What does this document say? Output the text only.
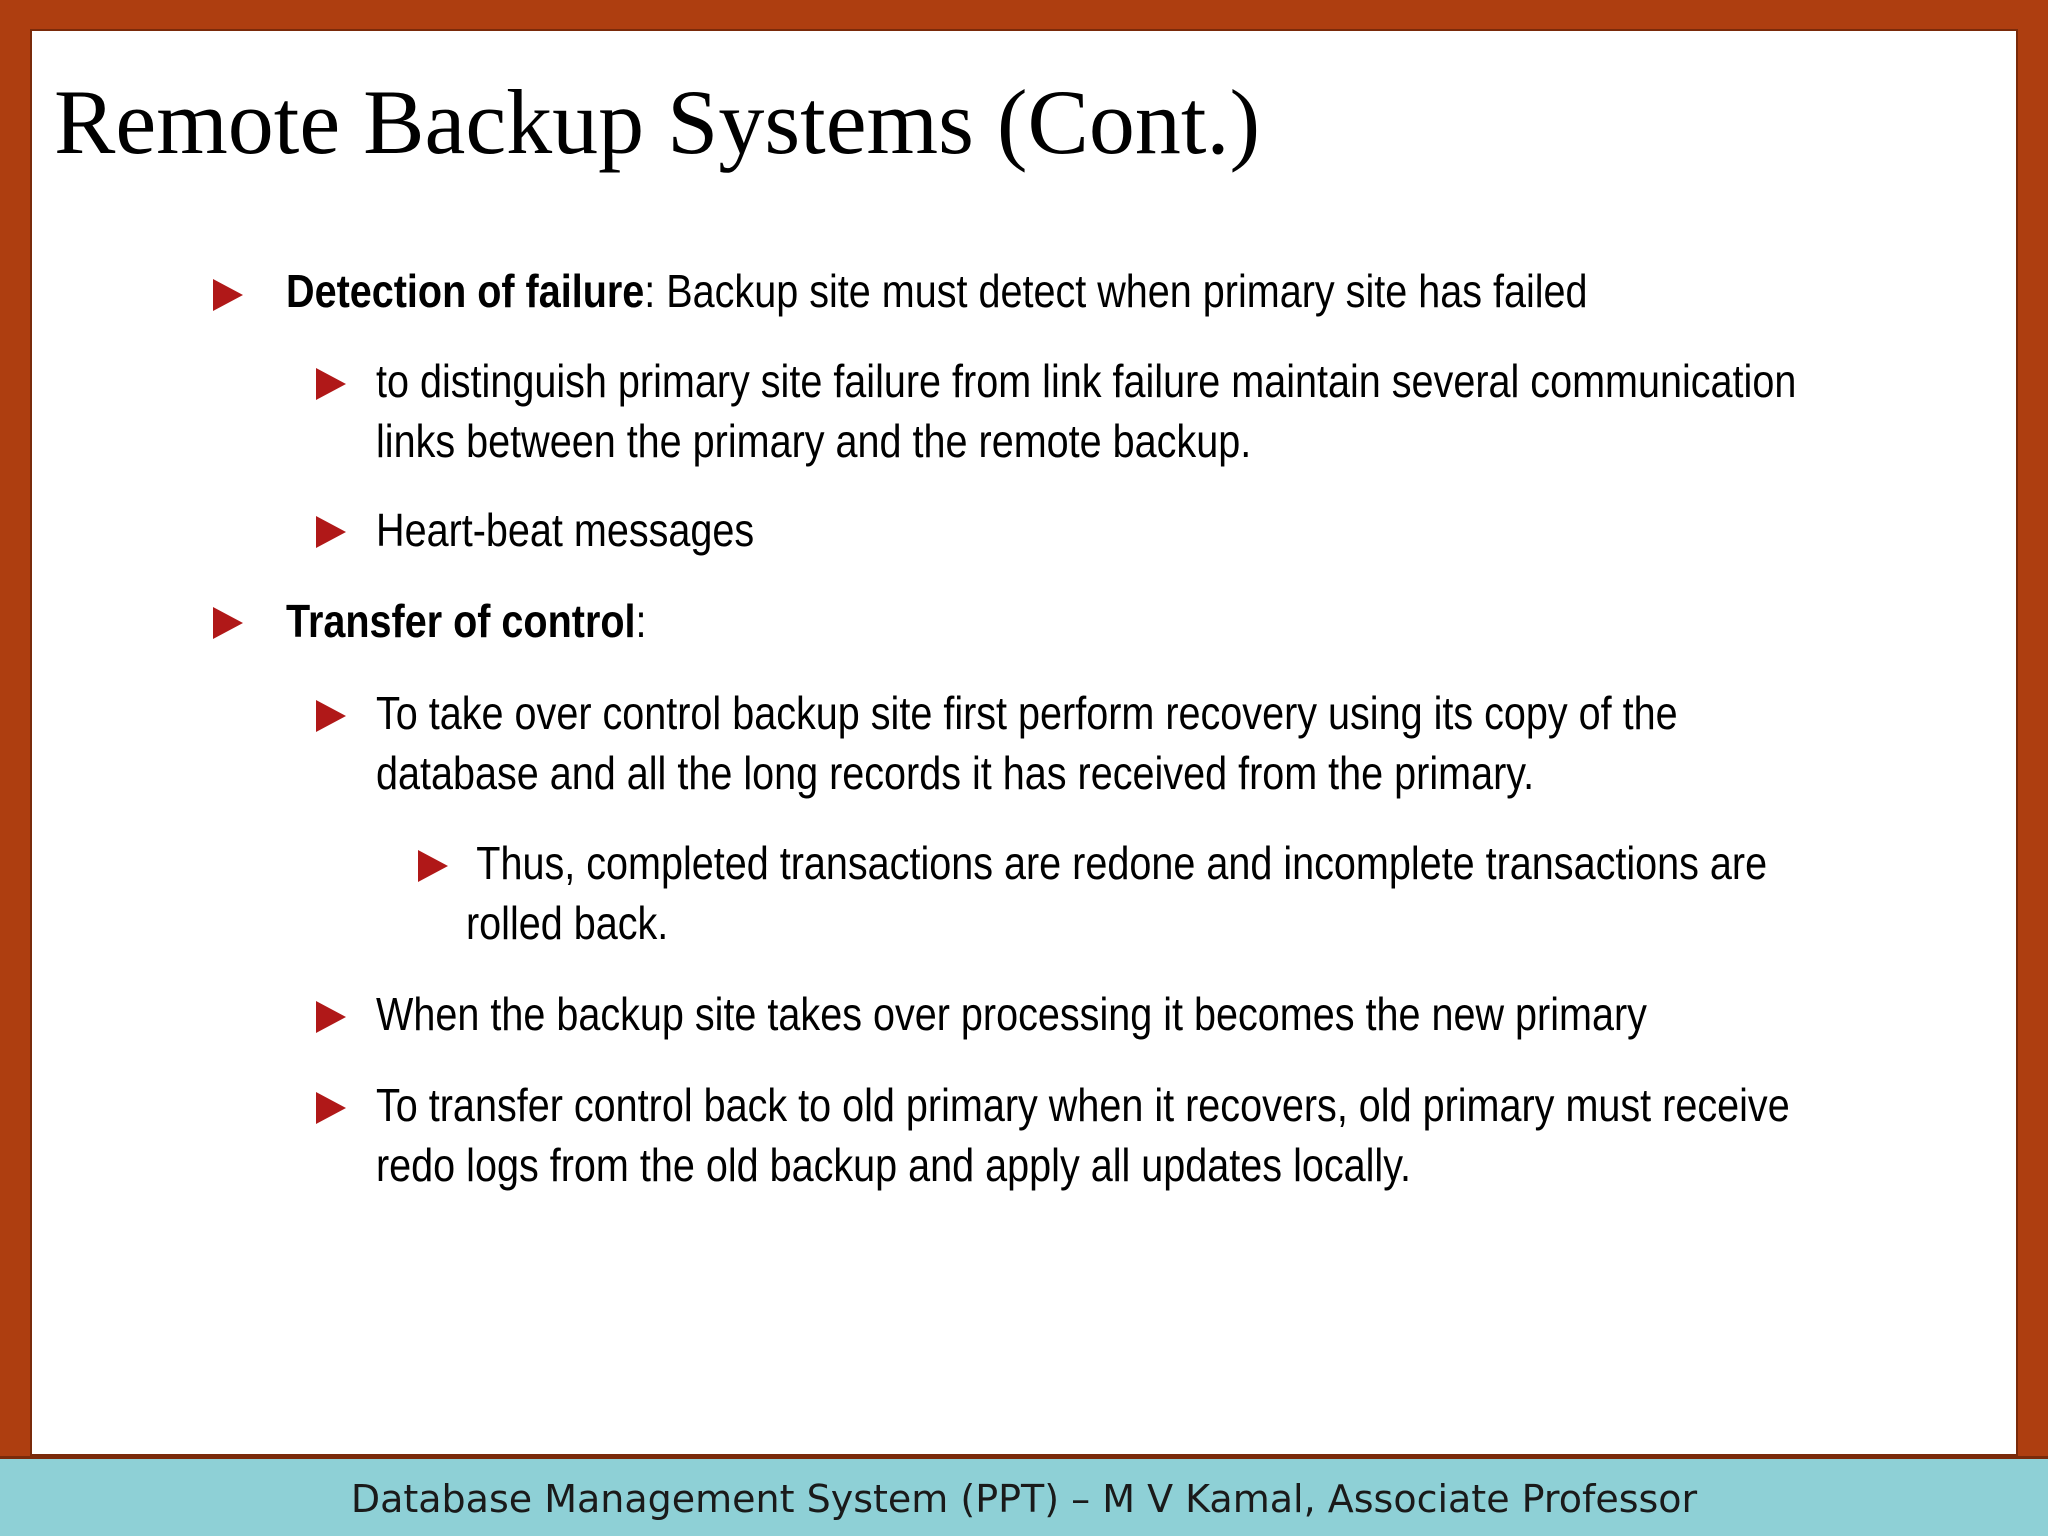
Remote Backup Systems (Cont.)
Detection of failure: Backup site must detect when primary site has failed
to distinguish primary site failure from link failure maintain several communication
links between the primary and the remote backup.
Heart-beat messages
Transfer of control:
To take over control backup site first perform recovery using its copy of the
database and all the long records it has received from the primary.
Thus, completed transactions are redone and incomplete transactions are
rolled back.
When the backup site takes over processing it becomes the new primary
To transfer control back to old primary when it recovers, old primary must receive
redo logs from the old backup and apply all updates locally.
Database Management System (PPT) – M V Kamal, Associate Professor
